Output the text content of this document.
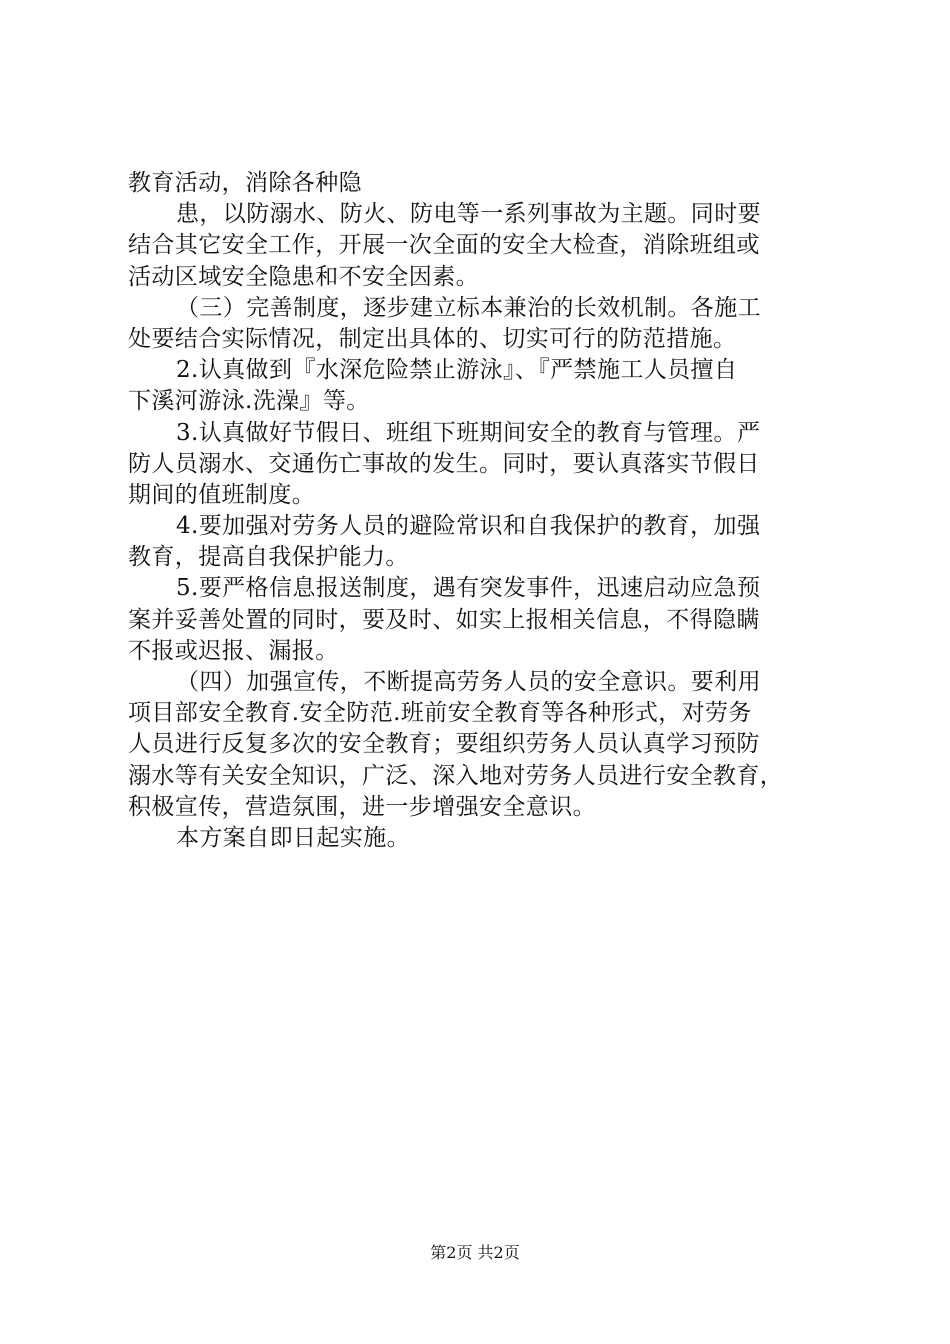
教育活动，消除各种隐
患，以防溺水、防火、防电等一系列事故为主题。同时要
结合其它安全工作，开展一次全面的安全大检查，消除班组或
活动区域安全隐患和不安全因素。
（三）完善制度，逐步建立标本兼治的长效机制。各施工
处要结合实际情况，制定出具体的、切实可行的防范措施。
2.认真做到『水深危险禁止游泳』、『严禁施工人员擅自
下溪河游泳.洗澡』等。
3.认真做好节假日、班组下班期间安全的教育与管理。严
防人员溺水、交通伤亡事故的发生。同时，要认真落实节假日
期间的值班制度。
4.要加强对劳务人员的避险常识和自我保护的教育，加强
教育，提高自我保护能力。
5.要严格信息报送制度，遇有突发事件，迅速启动应急预
案并妥善处置的同时，要及时、如实上报相关信息，不得隐瞒
不报或迟报、漏报。
（四）加强宣传，不断提高劳务人员的安全意识。要利用
项目部安全教育.安全防范.班前安全教育等各种形式，对劳务
人员进行反复多次的安全教育；要组织劳务人员认真学习预防
溺水等有关安全知识，广泛、深入地对劳务人员进行安全教育，
积极宣传，营造氛围，进一步增强安全意识。
本方案自即日起实施。
第2页 共2页
